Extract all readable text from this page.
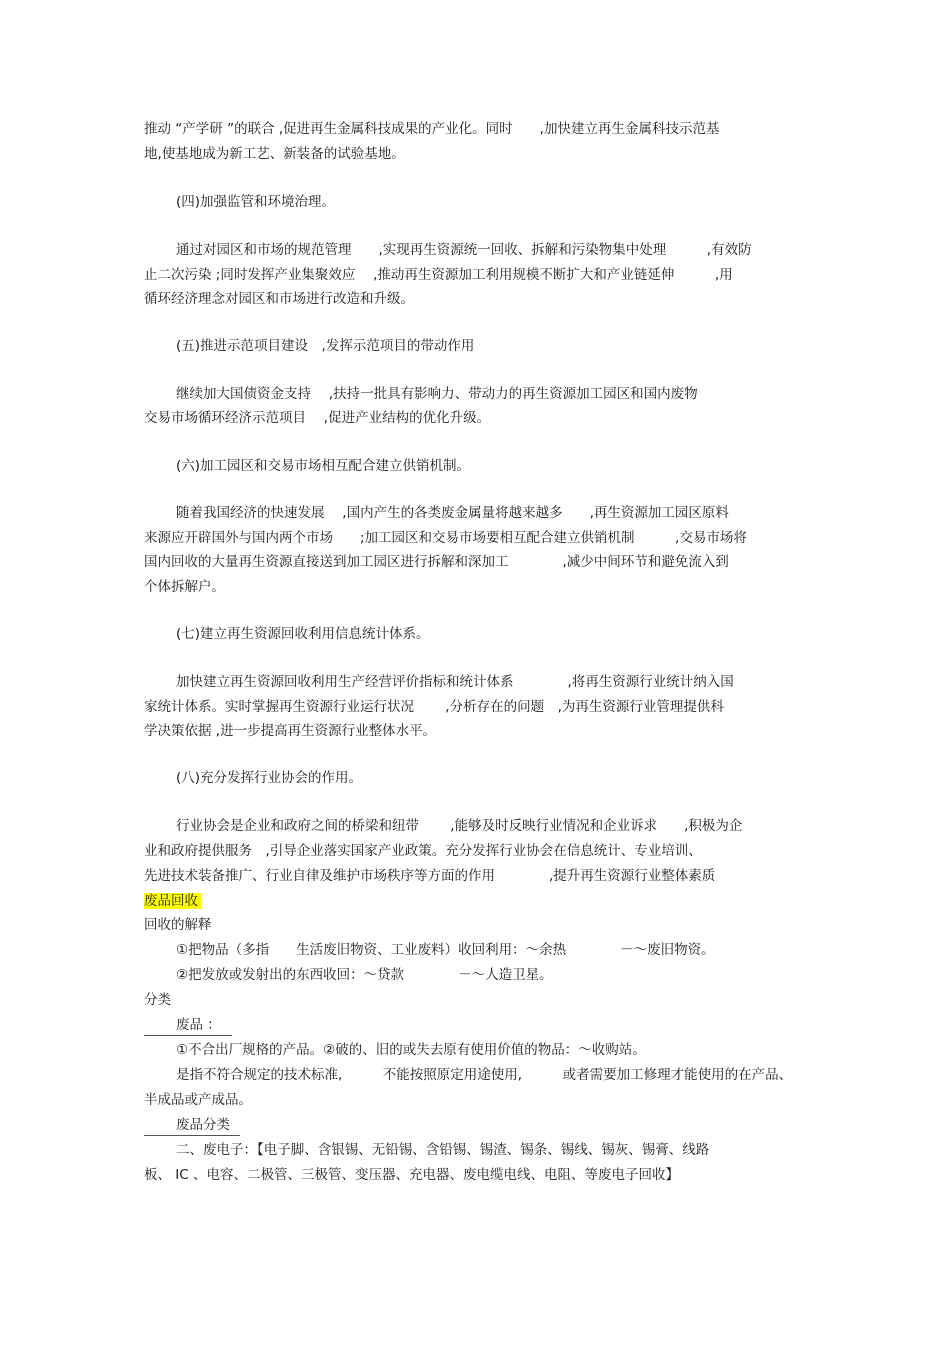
推动 “产学研 ”的联合 ,促进再生金属科技成果的产业化。同时　　,加快建立再生金属科技示范基
地,使基地成为新工艺、新装备的试验基地。
(四)加强监管和环境治理。
通过对园区和市场的规范管理　　,实现再生资源统一回收、拆解和污染物集中处理　　　,有效防
止二次污染 ;同时发挥产业集聚效应　 ,推动再生资源加工利用规模不断扩大和产业链延伸　　　,用
循环经济理念对园区和市场进行改造和升级。
(五)推进示范项目建设　,发挥示范项目的带动作用
继续加大国债资金支持　 ,扶持一批具有影响力、带动力的再生资源加工园区和国内废物
交易市场循环经济示范项目　 ,促进产业结构的优化升级。
(六)加工园区和交易市场相互配合建立供销机制。
随着我国经济的快速发展　 ,国内产生的各类废金属量将越来越多　　,再生资源加工园区原料
来源应开辟国外与国内两个市场　　;加工园区和交易市场要相互配合建立供销机制　　　,交易市场将
国内回收的大量再生资源直接送到加工园区进行拆解和深加工　　　　,减少中间环节和避免流入到
个体拆解户。
(七)建立再生资源回收利用信息统计体系。
加快建立再生资源回收利用生产经营评价指标和统计体系　　　　,将再生资源行业统计纳入国
家统计体系。实时掌握再生资源行业运行状况　　 ,分析存在的问题　,为再生资源行业管理提供科
学决策依据 ,进一步提高再生资源行业整体水平。
(八)充分发挥行业协会的作用。
行业协会是企业和政府之间的桥梁和纽带　　 ,能够及时反映行业情况和企业诉求　　,积极为企
业和政府提供服务　,引导企业落实国家产业政策。充分发挥行业协会在信息统计、专业培训、
先进技术装备推广、行业自律及维护市场秩序等方面的作用　　　　,提升再生资源行业整体素质
废品回收
回收的解释
①把物品（多指　　生活废旧物资、工业废料）收回利用：～余热　　　　－～废旧物资。
②把发放或发射出的东西收回：～贷款　　　　－～人造卫星。
分类
废品 ：
①不合出厂规格的产品。②破的、旧的或失去原有使用价值的物品：～收购站。
是指不符合规定的技术标准,　　　不能按照原定用途使用,　　　或者需要加工修理才能使用的在产品、
半成品或产成品。
废品分类
二、废电子：【电子脚、含银锡、无铅锡、含铅锡、锡渣、锡条、锡线、锡灰、锡膏、线路
板、 IC 、电容、二极管、三极管、变压器、充电器、废电缆电线、电阻、等废电子回收】
